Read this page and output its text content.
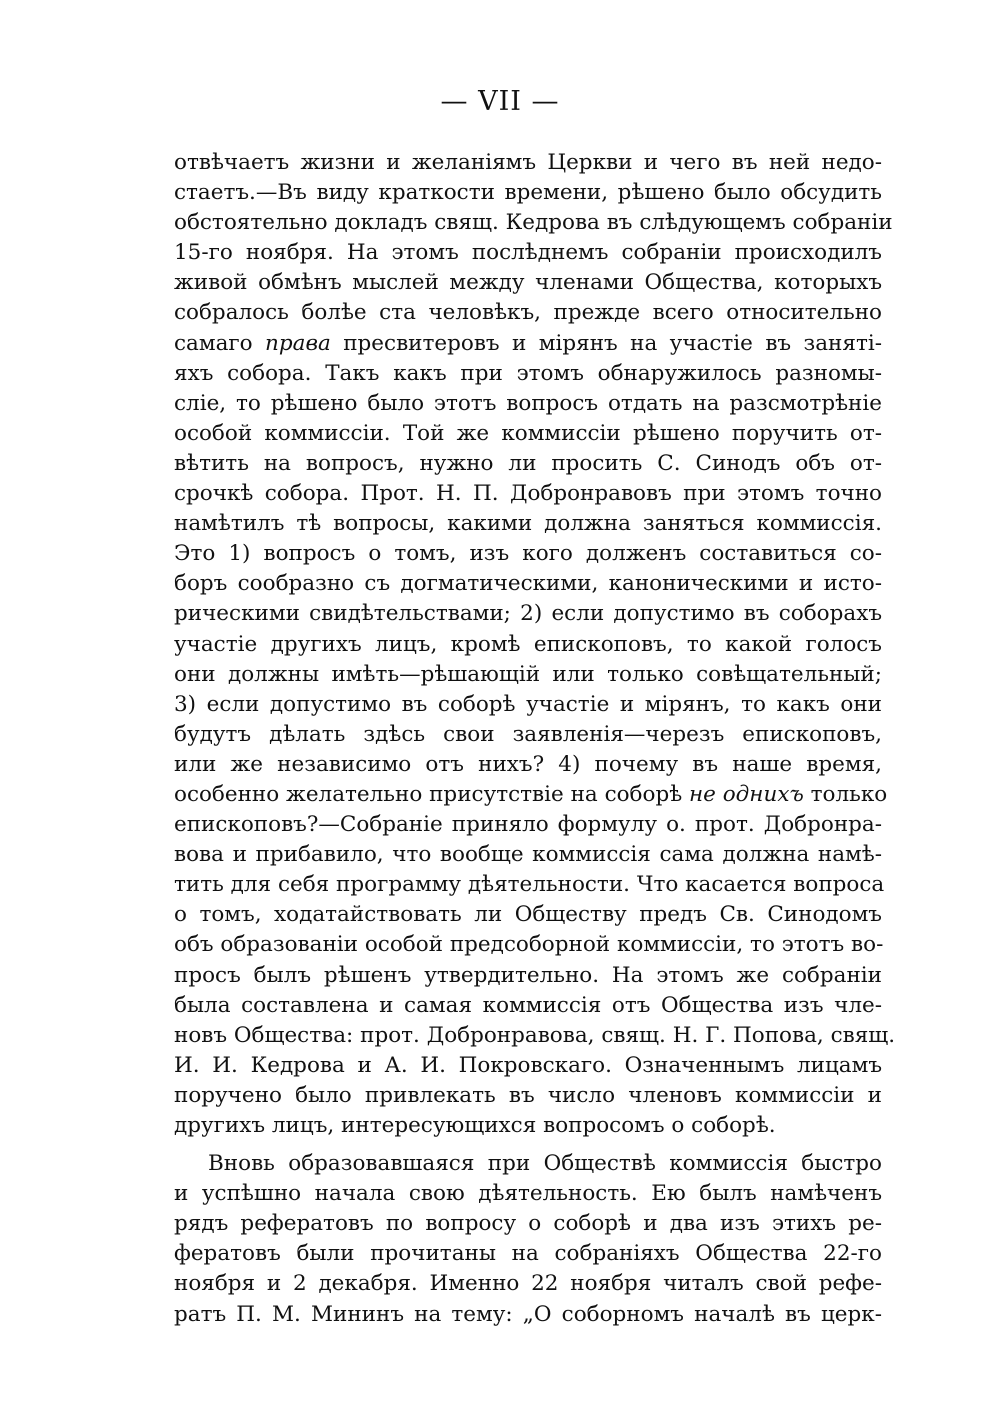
— VII —
отвѣчаетъ жизни и желаніямъ Церкви и чего въ ней недо-
стаетъ.—Въ виду краткости времени, рѣшено было обсудить
обстоятельно докладъ свящ. Кедрова въ слѣдующемъ собраніи
15-го ноября. На этомъ послѣднемъ собраніи происходилъ
живой обмѣнъ мыслей между членами Общества, которыхъ
собралось болѣе ста человѣкъ, прежде всего относительно
самаго права пресвитеровъ и мірянъ на участіе въ заняті-
яхъ собора. Такъ какъ при этомъ обнаружилось разномы-
сліе, то рѣшено было этотъ вопросъ отдать на разсмотрѣніе
особой коммиссіи. Той же коммиссіи рѣшено поручить от-
вѣтить на вопросъ, нужно ли просить С. Синодъ объ от-
срочкѣ собора. Прот. Н. П. Добронравовъ при этомъ точно
намѣтилъ тѣ вопросы, какими должна заняться коммиссія.
Это 1) вопросъ о томъ, изъ кого долженъ составиться со-
боръ сообразно съ догматическими, каноническими и исто-
рическими свидѣтельствами; 2) если допустимо въ соборахъ
участіе другихъ лицъ, кромѣ епископовъ, то какой голосъ
они должны имѣть—рѣшающій или только совѣщательный;
3) если допустимо въ соборѣ участіе и мірянъ, то какъ они
будутъ дѣлать здѣсь свои заявленія—черезъ епископовъ,
или же независимо отъ нихъ? 4) почему въ наше время,
особенно желательно присутствіе на соборѣ не однихъ только
епископовъ?—Собраніе приняло формулу о. прот. Добронра-
вова и прибавило, что вообще коммиссія сама должна намѣ-
тить для себя программу дѣятельности. Что касается вопроса
о томъ, ходатайствовать ли Обществу предъ Св. Синодомъ
объ образованіи особой предсоборной коммиссіи, то этотъ во-
просъ былъ рѣшенъ утвердительно. На этомъ же собраніи
была составлена и самая коммиссія отъ Общества изъ чле-
новъ Общества: прот. Добронравова, свящ. Н. Г. Попова, свящ.
И. И. Кедрова и А. И. Покровскаго. Означеннымъ лицамъ
поручено было привлекать въ число членовъ коммиссіи и
другихъ лицъ, интересующихся вопросомъ о соборѣ.
Вновь образовавшаяся при Обществѣ коммиссія быстро
и успѣшно начала свою дѣятельность. Ею былъ намѣченъ
рядъ рефератовъ по вопросу о соборѣ и два изъ этихъ ре-
фератовъ были прочитаны на собраніяхъ Общества 22-го
ноября и 2 декабря. Именно 22 ноября читалъ свой рефе-
ратъ П. М. Мининъ на тему: „О соборномъ началѣ въ церк-
